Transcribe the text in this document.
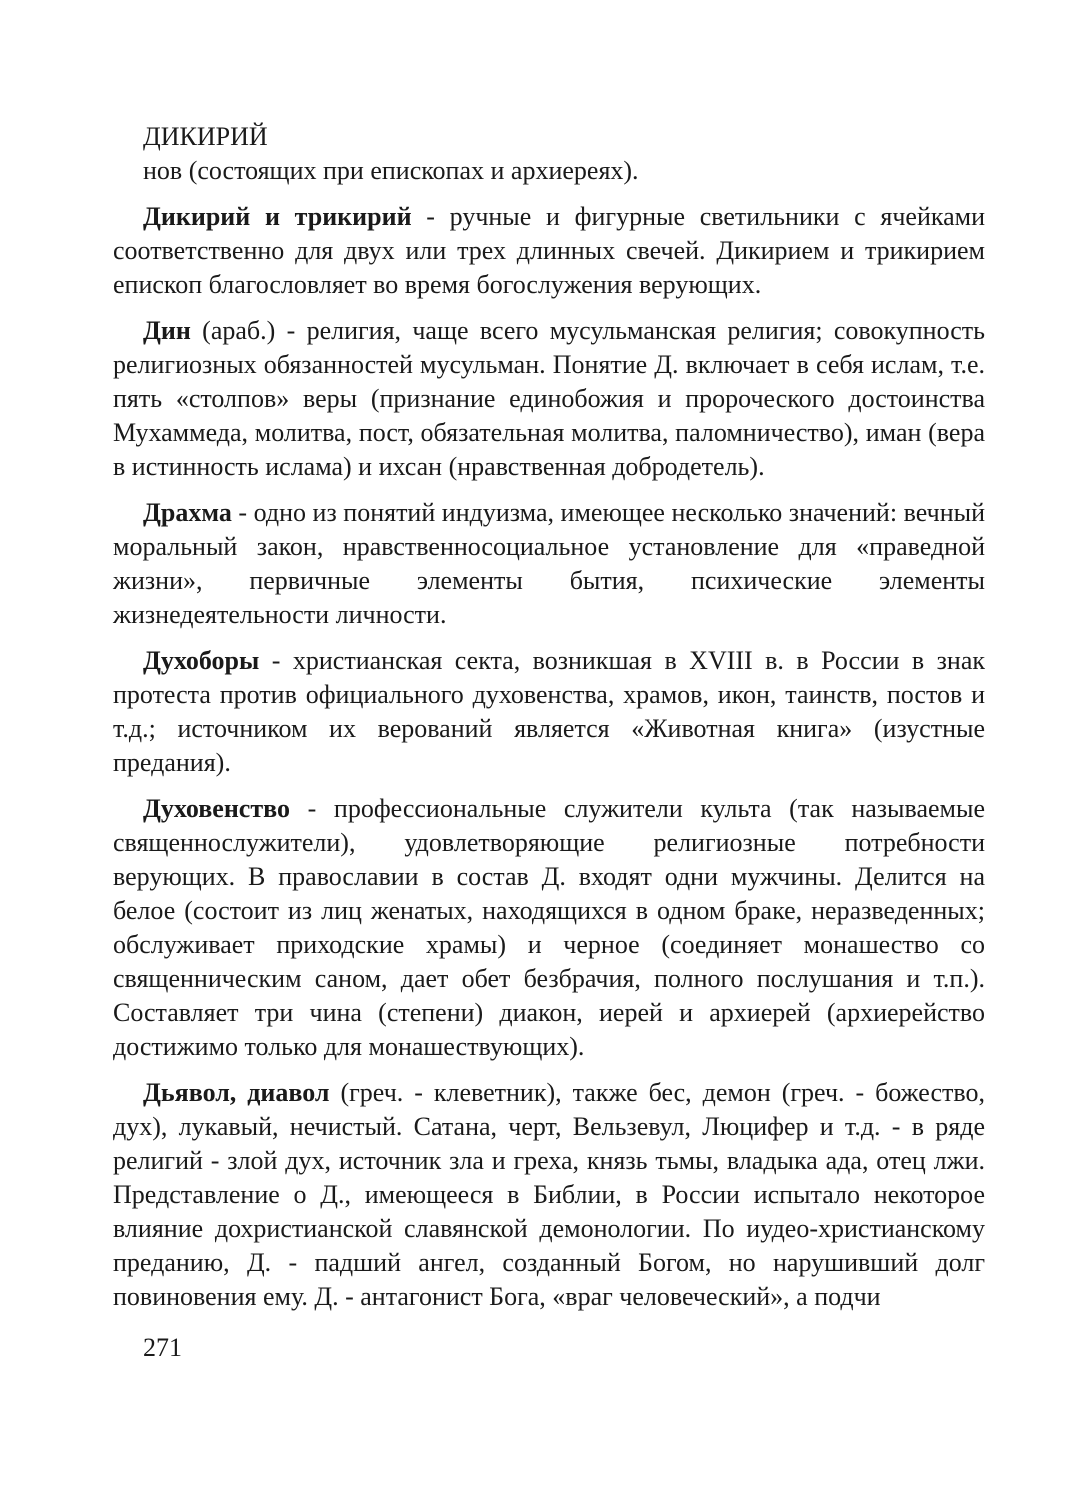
ДИКИРИЙ
нов (состоящих при епископах и архиереях).

Дикирий и трикирий - ручные и фигурные светильники с ячейками соответственно для двух или трех длинных свечей. Дикирием и трикирием епископ благословляет во время богослужения верующих.

Дин (араб.) - религия, чаще всего мусульманская религия; совокупность религиозных обязанностей мусульман. Понятие Д. включает в себя ислам, т.е. пять «столпов» веры (признание единобожия и пророческого достоинства Мухаммеда, молитва, пост, обязательная молитва, паломничество), иман (вера в истинность ислама) и ихсан (нравственная добродетель).

Драхма - одно из понятий индуизма, имеющее несколько значений: вечный моральный закон, нравственносоциальное установление для «праведной жизни», первичные элементы бытия, психические элементы жизнедеятельности личности.

Духоборы - христианская секта, возникшая в XVIII в. в России в знак протеста против официального духовенства, храмов, икон, таинств, постов и т.д.; источником их верований является «Животная книга» (изустные предания).

Духовенство - профессиональные служители культа (так называемые священнослужители), удовлетворяющие религиозные потребности верующих. В православии в состав Д. входят одни мужчины. Делится на белое (состоит из лиц женатых, находящихся в одном браке, неразведенных; обслуживает приходские храмы) и черное (соединяет монашество со священническим саном, дает обет безбрачия, полного послушания и т.п.). Составляет три чина (степени) диакон, иерей и архиерей (архиерейство достижимо только для монашествующих).

Дьявол, диавол (греч. - клеветник), также бес, демон (греч. - божество, дух), лукавый, нечистый. Сатана, черт, Вельзевул, Люцифер и т.д. - в ряде религий - злой дух, источник зла и греха, князь тьмы, владыка ада, отец лжи. Представление о Д., имеющееся в Библии, в России испытало некоторое влияние дохристианской славянской демонологии. По иудео-христианскому преданию, Д. - падший ангел, созданный Богом, но нарушивший долг повиновения ему. Д. - антагонист Бога, «враг человеческий», а подчи

271
